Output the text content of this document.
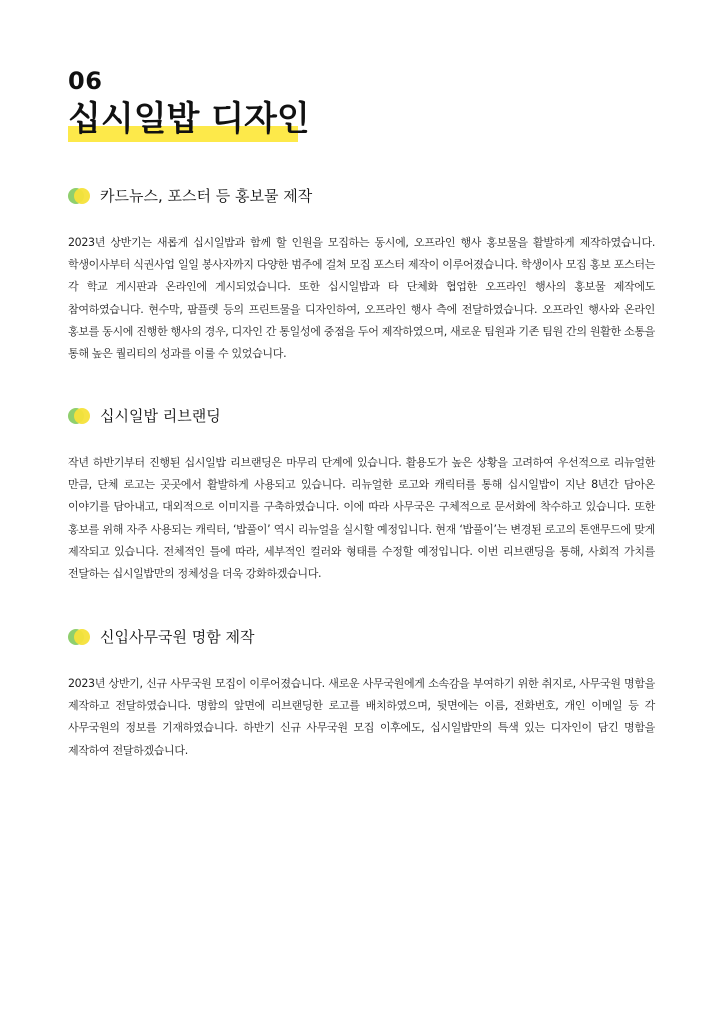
06
십시일밥 디자인
카드뉴스, 포스터 등 홍보물 제작
2023년 상반기는 새롭게 십시일밥과 함께 할 인원을 모집하는 동시에, 오프라인 행사 홍보물을 활발하게 제작하였습니다. 학생이사부터 식권사업 일일 봉사자까지 다양한 범주에 걸쳐 모집 포스터 제작이 이루어졌습니다. 학생이사 모집 홍보 포스터는 각 학교 게시판과 온라인에 게시되었습니다. 또한 십시일밥과 타 단체화 협업한 오프라인 행사의 홍보물 제작에도 참여하였습니다. 현수막, 팜플렛 등의 프린트물을 디자인하여, 오프라인 행사 측에 전달하였습니다. 오프라인 행사와 온라인 홍보를 동시에 진행한 행사의 경우, 디자인 간 통일성에 중점을 두어 제작하였으며, 새로운 팀원과 기존 팀원 간의 원활한 소통을 통해 높은 퀄리티의 성과를 이룰 수 있었습니다.
십시일밥 리브랜딩
작년 하반기부터 진행된 십시일밥 리브랜딩은 마무리 단계에 있습니다. 활용도가 높은 상황을 고려하여 우선적으로 리뉴얼한 만큼, 단체 로고는 곳곳에서 활발하게 사용되고 있습니다. 리뉴얼한 로고와 캐릭터를 통해 십시일밥이 지난 8년간 담아온 이야기를 담아내고, 대외적으로 이미지를 구축하였습니다. 이에 따라 사무국은 구체적으로 문서화에 착수하고 있습니다. 또한 홍보를 위해 자주 사용되는 캐릭터, ‘밥풀이’ 역시 리뉴얼을 실시할 예정입니다. 현재 ‘밥풀이’는 변경된 로고의 톤앤무드에 맞게 제작되고 있습니다. 전체적인 틀에 따라, 세부적인 컬러와 형태를 수정할 예정입니다. 이번 리브랜딩을 통해, 사회적 가치를 전달하는 십시일밥만의 정체성을 더욱 강화하겠습니다.
신입사무국원 명함 제작
2023년 상반기, 신규 사무국원 모집이 이루어졌습니다. 새로운 사무국원에게 소속감을 부여하기 위한 취지로, 사무국원 명함을 제작하고 전달하였습니다. 명함의 앞면에 리브랜딩한 로고를 배치하였으며, 뒷면에는 이름, 전화번호, 개인 이메일 등 각 사무국원의 정보를 기재하였습니다. 하반기 신규 사무국원 모집 이후에도, 십시일밥만의 특색 있는 디자인이 담긴 명함을 제작하여 전달하겠습니다.
